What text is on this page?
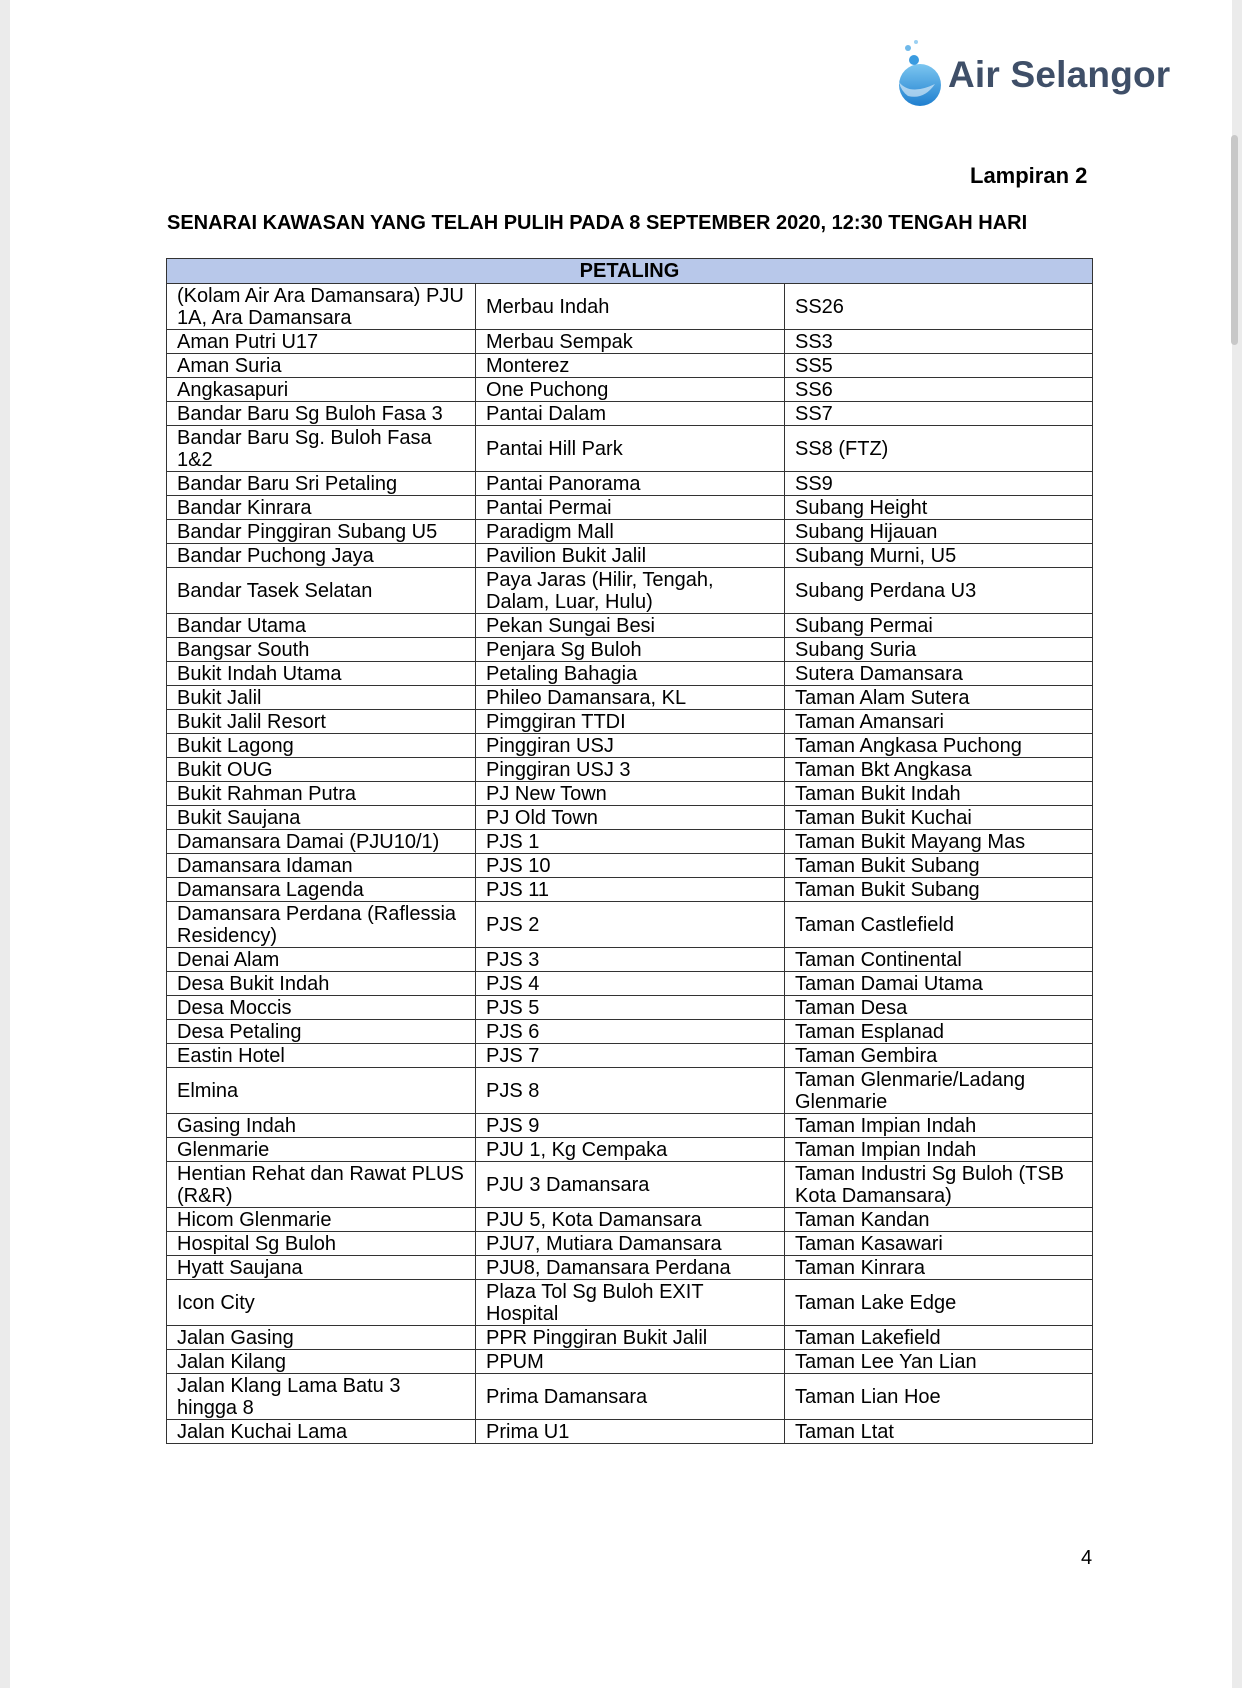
Air Selangor
Lampiran 2
SENARAI KAWASAN YANG TELAH PULIH PADA 8 SEPTEMBER 2020, 12:30 TENGAH HARI
PETALING		
(Kolam Air Ara Damansara) PJU 1A, Ara Damansara	Merbau Indah	SS26
Aman Putri U17	Merbau Sempak	SS3
Aman Suria	Monterez	SS5
Angkasapuri	One Puchong	SS6
Bandar Baru Sg Buloh Fasa 3	Pantai Dalam	SS7
Bandar Baru Sg. Buloh Fasa 1&2	Pantai Hill Park	SS8 (FTZ)
Bandar Baru Sri Petaling	Pantai Panorama	SS9
Bandar Kinrara	Pantai Permai	Subang Height
Bandar Pinggiran Subang U5	Paradigm Mall	Subang Hijauan
Bandar Puchong Jaya	Pavilion Bukit Jalil	Subang Murni, U5
Bandar Tasek Selatan	Paya Jaras (Hilir, Tengah, Dalam, Luar, Hulu)	Subang Perdana U3
Bandar Utama	Pekan Sungai Besi	Subang Permai
Bangsar South	Penjara Sg Buloh	Subang Suria
Bukit Indah Utama	Petaling Bahagia	Sutera Damansara
Bukit Jalil	Phileo Damansara, KL	Taman Alam Sutera
Bukit Jalil Resort	Pimggiran TTDI	Taman Amansari
Bukit Lagong	Pinggiran USJ	Taman Angkasa Puchong
Bukit OUG	Pinggiran USJ 3	Taman Bkt Angkasa
Bukit Rahman Putra	PJ New Town	Taman Bukit Indah
Bukit Saujana	PJ Old Town	Taman Bukit Kuchai
Damansara Damai (PJU10/1)	PJS 1	Taman Bukit Mayang Mas
Damansara Idaman	PJS 10	Taman Bukit Subang
Damansara Lagenda	PJS 11	Taman Bukit Subang
Damansara Perdana (Raflessia Residency)	PJS 2	Taman Castlefield
Denai Alam	PJS 3	Taman Continental
Desa Bukit Indah	PJS 4	Taman Damai Utama
Desa Moccis	PJS 5	Taman Desa
Desa Petaling	PJS 6	Taman Esplanad
Eastin Hotel	PJS 7	Taman Gembira
Elmina	PJS 8	Taman Glenmarie/Ladang Glenmarie
Gasing Indah	PJS 9	Taman Impian Indah
Glenmarie	PJU 1, Kg Cempaka	Taman Impian Indah
Hentian Rehat dan Rawat PLUS (R&R)	PJU 3 Damansara	Taman Industri Sg Buloh (TSB Kota Damansara)
Hicom Glenmarie	PJU 5, Kota Damansara	Taman Kandan
Hospital Sg Buloh	PJU7, Mutiara Damansara	Taman Kasawari
Hyatt Saujana	PJU8, Damansara Perdana	Taman Kinrara
Icon City	Plaza Tol Sg Buloh EXIT Hospital	Taman Lake Edge
Jalan Gasing	PPR Pinggiran Bukit Jalil	Taman Lakefield
Jalan Kilang	PPUM	Taman Lee Yan Lian
Jalan Klang Lama Batu 3 hingga 8	Prima Damansara	Taman Lian Hoe
Jalan Kuchai Lama	Prima U1	Taman Ltat
4
